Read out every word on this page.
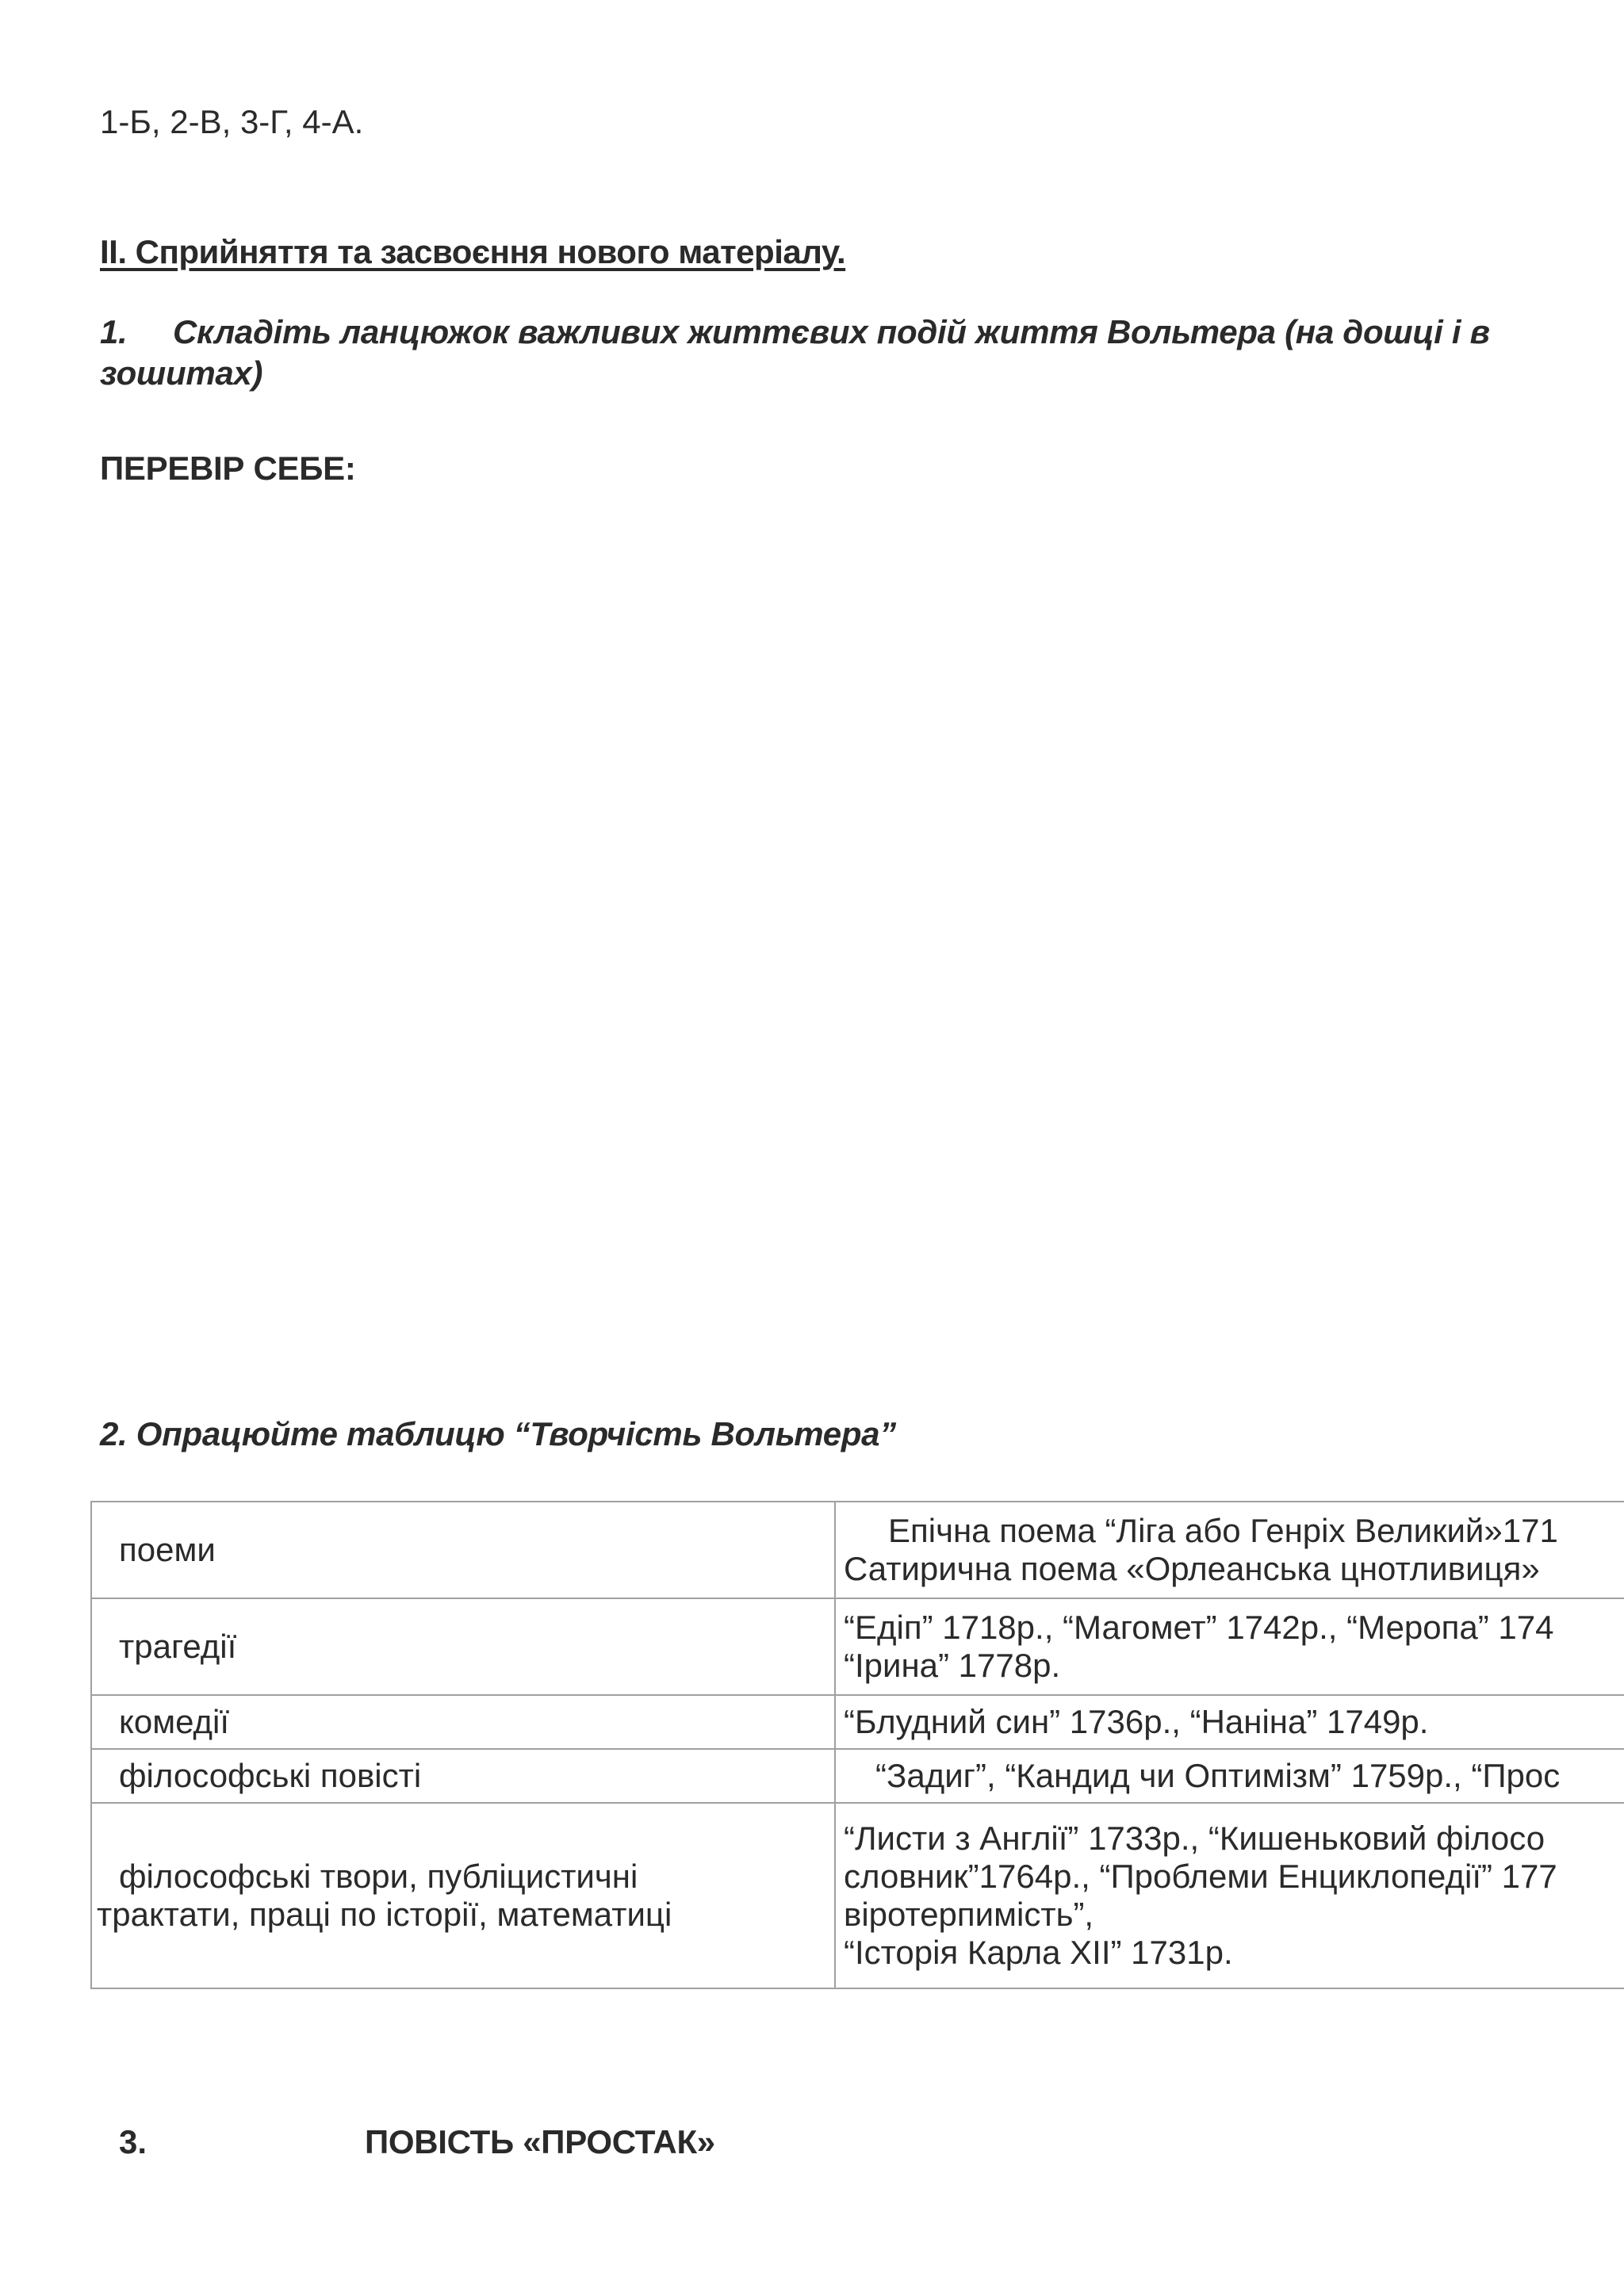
1-Б, 2-В, 3-Г, 4-А.
ІІ. Сприйняття та засвоєння нового матеріалу.
1. Складіть ланцюжок важливих життєвих подій життя Вольтера (на дошці і в зошитах)
ПЕРЕВІР СЕБЕ:
2. Опрацюйте таблицю “Творчість Вольтера”
поеми	Епічна поема “Ліга або Генріх Великий»171
Сатирична поема «Орлеанська цнотливиця»

трагедії	“Едіп” 1718р., “Магомет” 1742р., “Меропа” 174
“Ірина” 1778р.

комедії	“Блудний син” 1736р., “Наніна” 1749р.

філософські повісті	“Задиг”, “Кандид чи Оптимізм” 1759р., “Прос

філософські твори, публіцистичні
трактати, праці по історії, математиці	“Листи з Англії” 1733р., “Кишеньковий філосо
словник”1764р., “Проблеми Енциклопедії” 177
віротерпимість”,
“Історія Карла ХІІ” 1731р.
3.	ПОВІСТЬ «ПРОСТАК»
